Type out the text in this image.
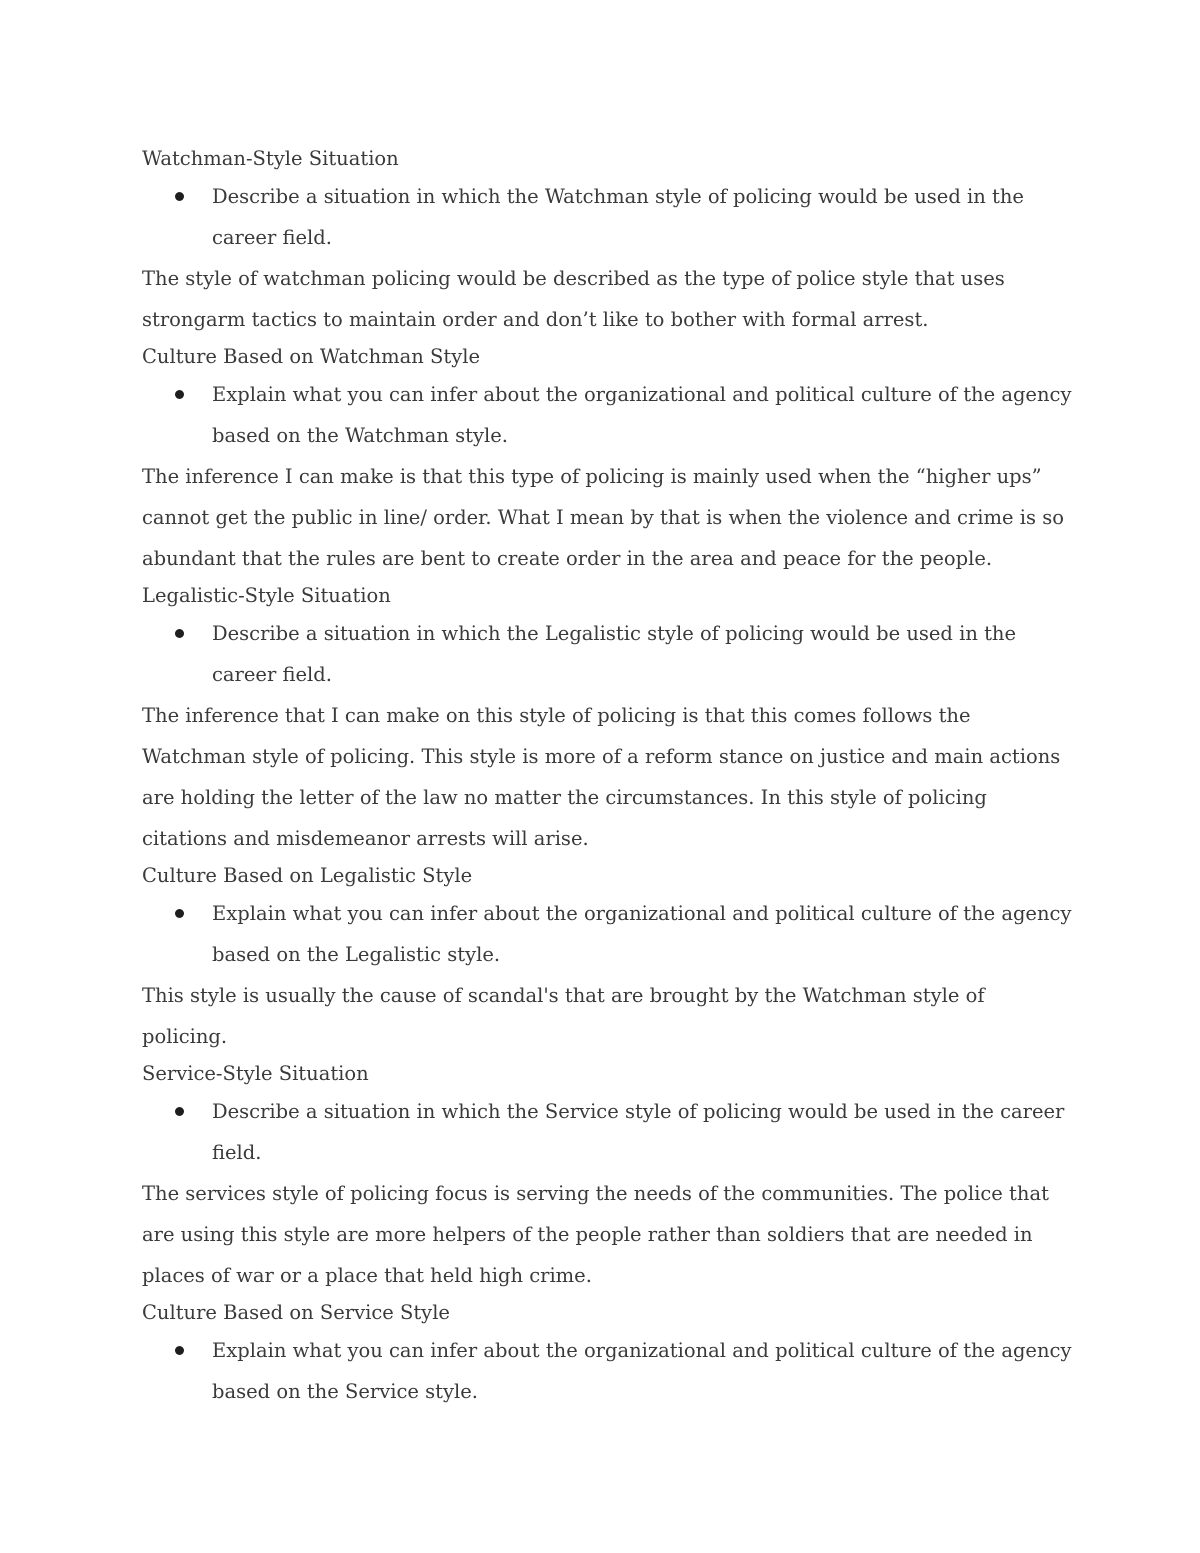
Watchman-Style Situation

Describe a situation in which the Watchman style of policing would be used in the career field.

The style of watchman policing would be described as the type of police style that uses strongarm tactics to maintain order and don’t like to bother with formal arrest.

Culture Based on Watchman Style

Explain what you can infer about the organizational and political culture of the agency based on the Watchman style.

The inference I can make is that this type of policing is mainly used when the “higher ups” cannot get the public in line/ order. What I mean by that is when the violence and crime is so abundant that the rules are bent to create order in the area and peace for the people.

Legalistic-Style Situation

Describe a situation in which the Legalistic style of policing would be used in the career field.

The inference that I can make on this style of policing is that this comes follows the Watchman style of policing. This style is more of a reform stance on justice and main actions are holding the letter of the law no matter the circumstances. In this style of policing citations and misdemeanor arrests will arise.

Culture Based on Legalistic Style

Explain what you can infer about the organizational and political culture of the agency based on the Legalistic style.

This style is usually the cause of scandal's that are brought by the Watchman style of policing.

Service-Style Situation

Describe a situation in which the Service style of policing would be used in the career field.

The services style of policing focus is serving the needs of the communities. The police that are using this style are more helpers of the people rather than soldiers that are needed in places of war or a place that held high crime.

Culture Based on Service Style

Explain what you can infer about the organizational and political culture of the agency based on the Service style.
